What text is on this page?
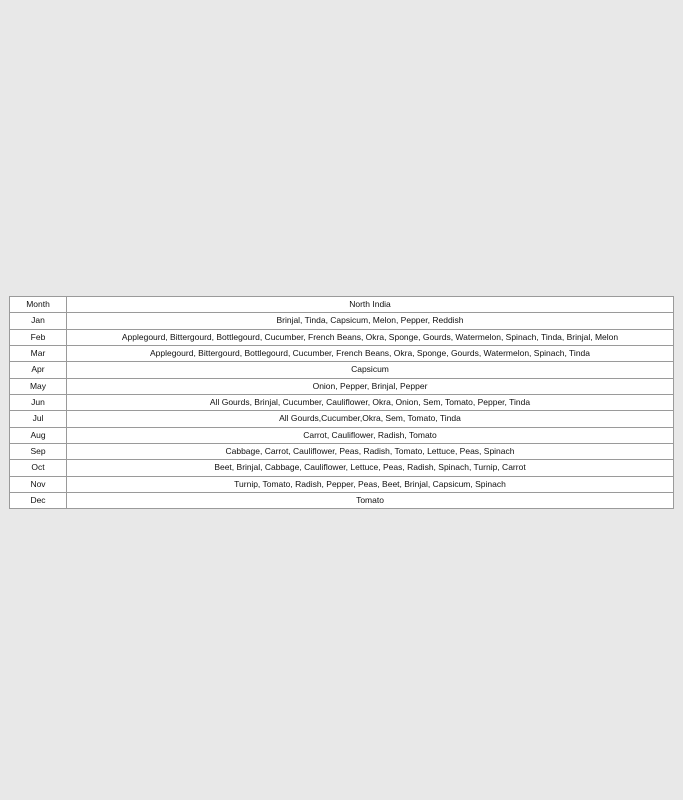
Month	North India
Jan	Brinjal, Tinda, Capsicum, Melon, Pepper, Reddish
Feb	Applegourd, Bittergourd, Bottlegourd, Cucumber, French Beans, Okra, Sponge, Gourds, Watermelon, Spinach, Tinda, Brinjal, Melon
Mar	Applegourd, Bittergourd, Bottlegourd, Cucumber, French Beans, Okra, Sponge, Gourds, Watermelon, Spinach, Tinda
Apr	Capsicum
May	Onion, Pepper, Brinjal, Pepper
Jun	All Gourds, Brinjal, Cucumber, Cauliflower, Okra, Onion, Sem, Tomato, Pepper, Tinda
Jul	All Gourds,Cucumber,Okra, Sem, Tomato, Tinda
Aug	Carrot, Cauliflower, Radish, Tomato
Sep	Cabbage, Carrot, Cauliflower, Peas, Radish, Tomato, Lettuce, Peas, Spinach
Oct	Beet, Brinjal, Cabbage, Cauliflower, Lettuce, Peas, Radish, Spinach, Turnip, Carrot
Nov	Turnip, Tomato, Radish, Pepper, Peas, Beet, Brinjal, Capsicum, Spinach
Dec	Tomato
